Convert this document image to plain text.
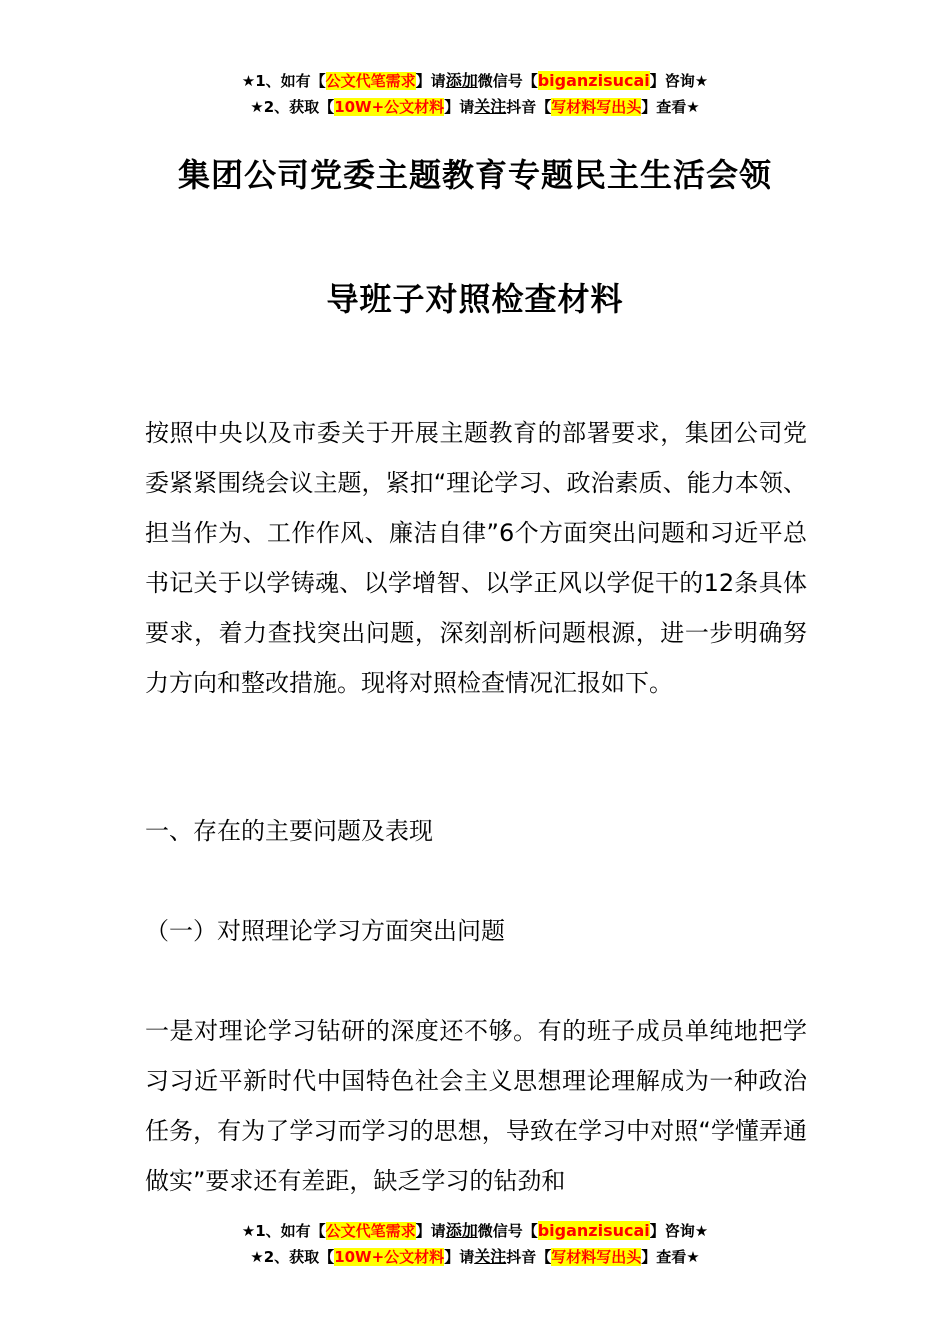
★1、如有【公文代笔需求】请添加微信号【biganzisucai】咨询★
★2、获取【10W+公文材料】请关注抖音【写材料写出头】查看★
集团公司党委主题教育专题民主生活会领
导班子对照检查材料
按照中央以及市委关于开展主题教育的部署要求，集团公司党委紧紧围绕会议主题，紧扣“理论学习、政治素质、能力本领、担当作为、工作作风、廉洁自律”6个方面突出问题和习近平总书记关于以学铸魂、以学增智、以学正风以学促干的12条具体要求，着力查找突出问题，深刻剖析问题根源，进一步明确努力方向和整改措施。现将对照检查情况汇报如下。
一、存在的主要问题及表现
（一）对照理论学习方面突出问题
一是对理论学习钻研的深度还不够。有的班子成员单纯地把学习习近平新时代中国特色社会主义思想理论理解成为一种政治任务，有为了学习而学习的思想，导致在学习中对照“学懂弄通做实”要求还有差距，缺乏学习的钻劲和
★1、如有【公文代笔需求】请添加微信号【biganzisucai】咨询★
★2、获取【10W+公文材料】请关注抖音【写材料写出头】查看★
